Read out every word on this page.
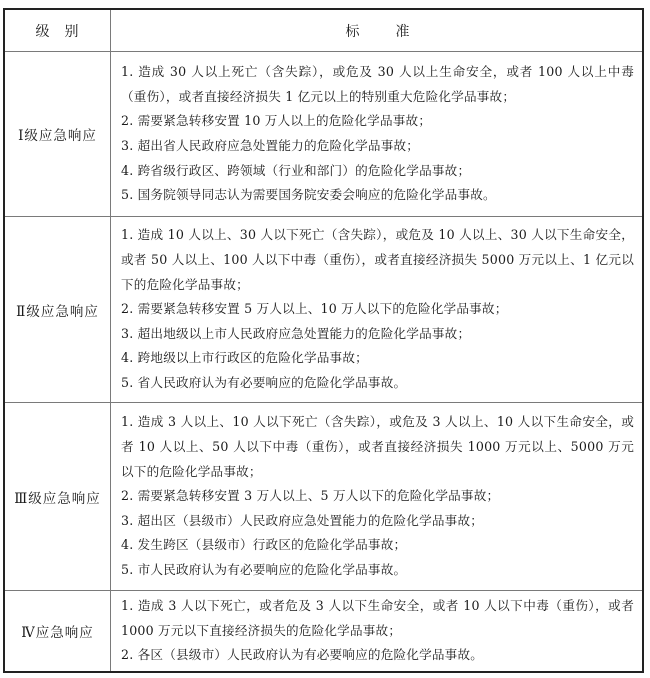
级 别	标	准
Ⅰ级应急响应
1. 造成 30 人以上死亡（含失踪），或危及 30 人以上生命安全，或者 100 人以上中毒（重伤），或者直接经济损失 1 亿元以上的特别重大危险化学品事故；
2. 需要紧急转移安置 10 万人以上的危险化学品事故；
3. 超出省人民政府应急处置能力的危险化学品事故；
4. 跨省级行政区、跨领域（行业和部门）的危险化学品事故；
5. 国务院领导同志认为需要国务院安委会响应的危险化学品事故。
Ⅱ级应急响应
1. 造成 10 人以上、30 人以下死亡（含失踪），或危及 10 人以上、30 人以下生命安全，或者 50 人以上、100 人以下中毒（重伤），或者直接经济损失 5000 万元以上、1 亿元以下的危险化学品事故；
2. 需要紧急转移安置 5 万人以上、10 万人以下的危险化学品事故；
3. 超出地级以上市人民政府应急处置能力的危险化学品事故；
4. 跨地级以上市行政区的危险化学品事故；
5. 省人民政府认为有必要响应的危险化学品事故。
Ⅲ级应急响应
1. 造成 3 人以上、10 人以下死亡（含失踪），或危及 3 人以上、10 人以下生命安全，或者 10 人以上、50 人以下中毒（重伤），或者直接经济损失 1000 万元以上、5000 万元以下的危险化学品事故；
2. 需要紧急转移安置 3 万人以上、5 万人以下的危险化学品事故；
3. 超出区（县级市）人民政府应急处置能力的危险化学品事故；
4. 发生跨区（县级市）行政区的危险化学品事故；
5. 市人民政府认为有必要响应的危险化学品事故。
Ⅳ应急响应
1. 造成 3 人以下死亡，或者危及 3 人以下生命安全，或者 10 人以下中毒（重伤），或者 1000 万元以下直接经济损失的危险化学品事故；
2. 各区（县级市）人民政府认为有必要响应的危险化学品事故。
